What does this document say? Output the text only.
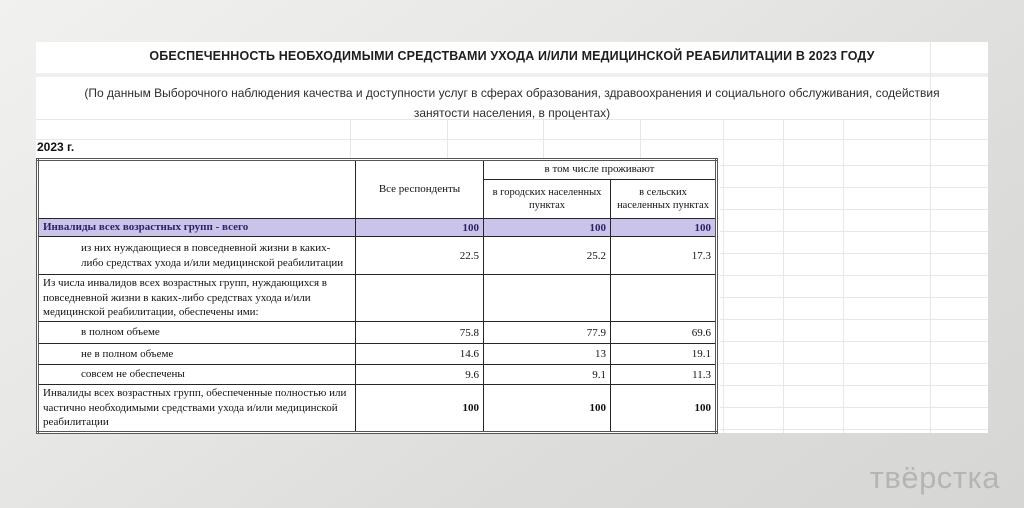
ОБЕСПЕЧЕННОСТЬ НЕОБХОДИМЫМИ СРЕДСТВАМИ УХОДА И/ИЛИ МЕДИЦИНСКОЙ РЕАБИЛИТАЦИИ В 2023 ГОДУ
(По данным Выборочного наблюдения качества и доступности услуг в сферах образования, здравоохранения и социального обслуживания, содействия
занятости населения, в процентах)
2023 г.
	Все респонденты	в том числе проживают	
		в городских населенных пунктах	в сельских населенных пунктах
Инвалиды всех возрастных групп - всего	100	100	100
из них нуждающиеся в повседневной жизни в каких-либо средствах ухода и/или медицинской реабилитации	22.5	25.2	17.3
Из числа инвалидов всех возрастных групп, нуждающихся в повседневной жизни в каких-либо средствах ухода и/или медицинской реабилитации, обеспечены ими:			
в полном объеме	75.8	77.9	69.6
не в полном объеме	14.6	13	19.1
совсем не обеспечены	9.6	9.1	11.3
Инвалиды всех возрастных групп, обеспеченные полностью или частично необходимыми средствами ухода и/или медицинской реабилитации	100	100	100
твёрстка
